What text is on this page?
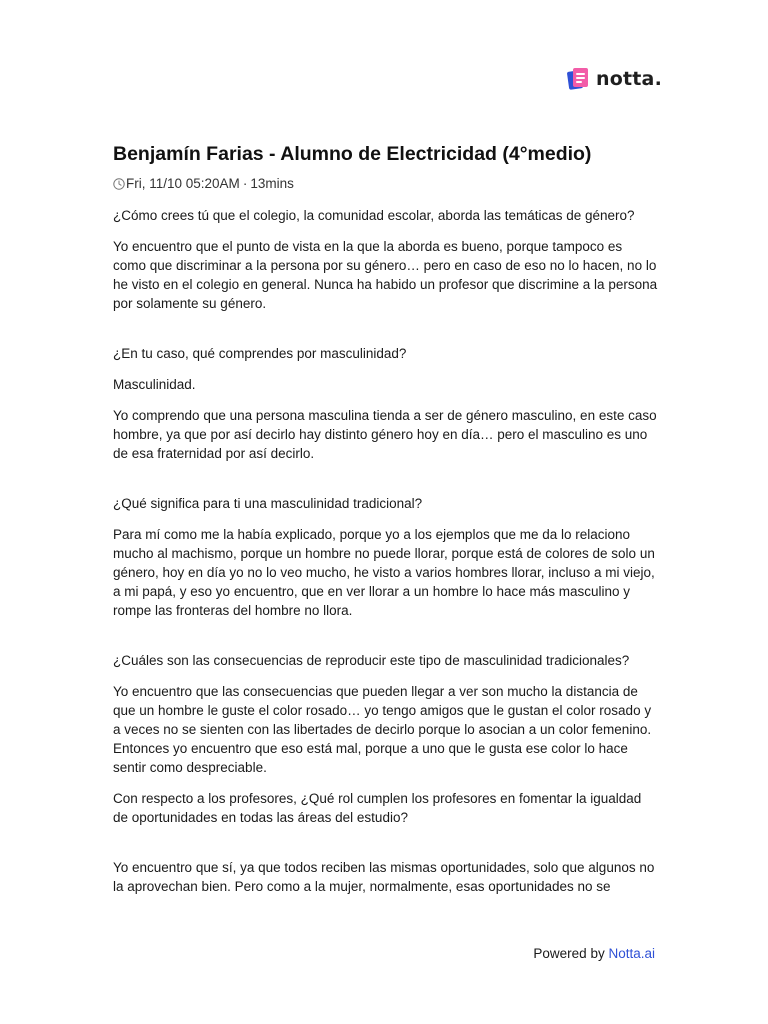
notta.
Benjamín Farias - Alumno de Electricidad (4°medio)
Fri, 11/10 05:20AM · 13mins

¿Cómo crees tú que el colegio, la comunidad escolar, aborda las temáticas de género?

Yo encuentro que el punto de vista en la que la aborda es bueno, porque tampoco es como que discriminar a la persona por su género… pero en caso de eso no lo hacen, no lo he visto en el colegio en general. Nunca ha habido un profesor que discrimine a la persona por solamente su género.

¿En tu caso, qué comprendes por masculinidad?

Masculinidad.

Yo comprendo que una persona masculina tienda a ser de género masculino, en este caso hombre, ya que por así decirlo hay distinto género hoy en día… pero el masculino es uno de esa fraternidad por así decirlo.

¿Qué significa para ti una masculinidad tradicional?

Para mí como me la había explicado, porque yo a los ejemplos que me da lo relaciono mucho al machismo, porque un hombre no puede llorar, porque está de colores de solo un género, hoy en día yo no lo veo mucho, he visto a varios hombres llorar, incluso a mi viejo, a mi papá, y eso yo encuentro, que en ver llorar a un hombre lo hace más masculino y rompe las fronteras del hombre no llora.

¿Cuáles son las consecuencias de reproducir este tipo de masculinidad tradicionales?

Yo encuentro que las consecuencias que pueden llegar a ver son mucho la distancia de que un hombre le guste el color rosado… yo tengo amigos que le gustan el color rosado y a veces no se sienten con las libertades de decirlo porque lo asocian a un color femenino. Entonces yo encuentro que eso está mal, porque a uno que le gusta ese color lo hace sentir como despreciable.

Con respecto a los profesores, ¿Qué rol cumplen los profesores en fomentar la igualdad de oportunidades en todas las áreas del estudio?

Yo encuentro que sí, ya que todos reciben las mismas oportunidades, solo que algunos no la aprovechan bien. Pero como a la mujer, normalmente, esas oportunidades no se

Powered by Notta.ai
